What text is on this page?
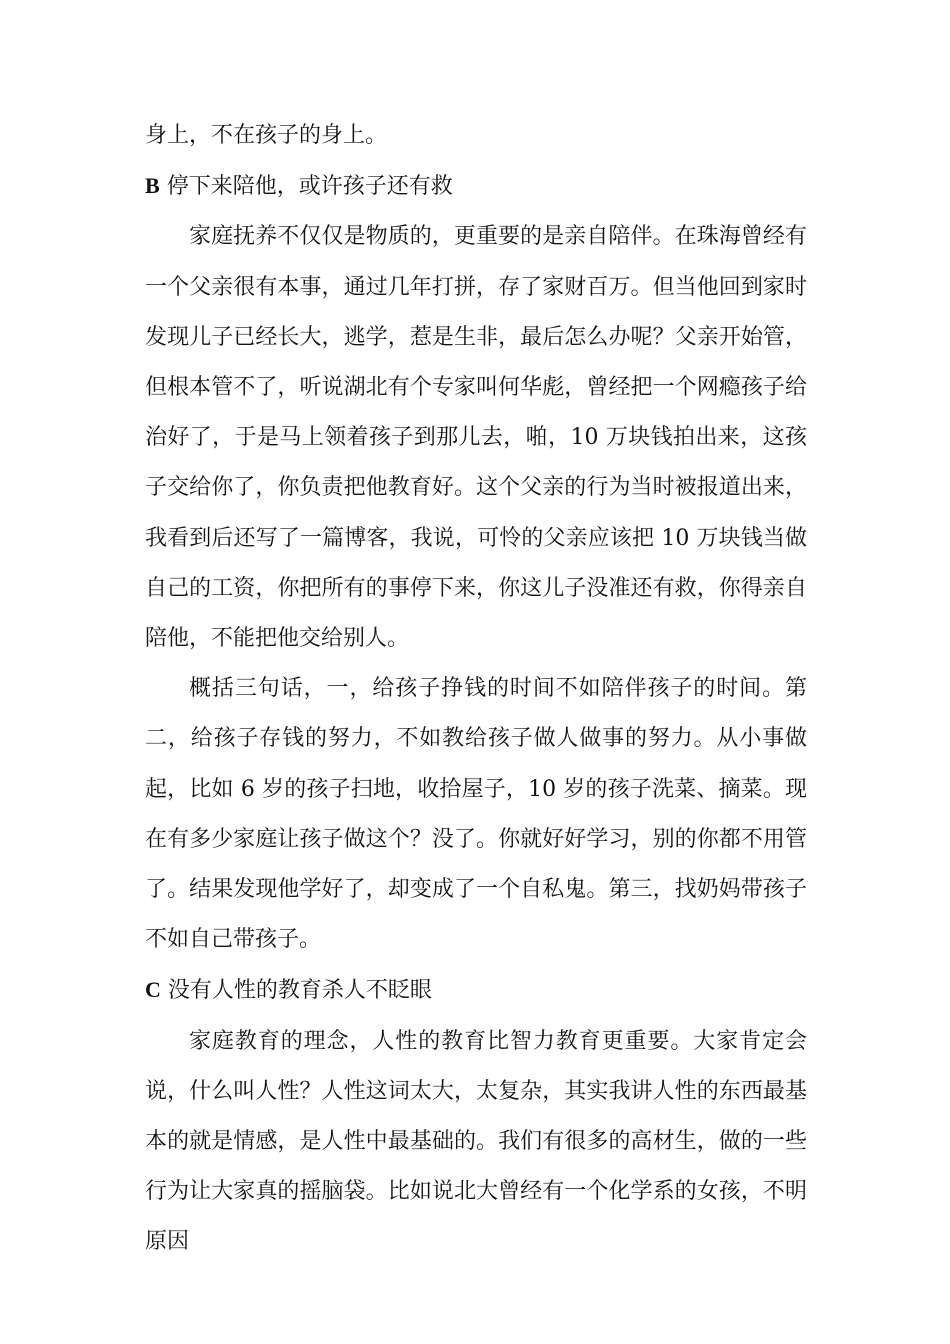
身上，不在孩子的身上。

B 停下来陪他，或许孩子还有救

家庭抚养不仅仅是物质的，更重要的是亲自陪伴。在珠海曾经有一个父亲很有本事，通过几年打拼，存了家财百万。但当他回到家时发现儿子已经长大，逃学，惹是生非，最后怎么办呢？父亲开始管，但根本管不了，听说湖北有个专家叫何华彪，曾经把一个网瘾孩子给治好了，于是马上领着孩子到那儿去，啪，10 万块钱拍出来，这孩子交给你了，你负责把他教育好。这个父亲的行为当时被报道出来，我看到后还写了一篇博客，我说，可怜的父亲应该把 10 万块钱当做自己的工资，你把所有的事停下来，你这儿子没准还有救，你得亲自陪他，不能把他交给别人。

概括三句话，一，给孩子挣钱的时间不如陪伴孩子的时间。第二，给孩子存钱的努力，不如教给孩子做人做事的努力。从小事做起，比如 6 岁的孩子扫地，收拾屋子，10 岁的孩子洗菜、摘菜。现在有多少家庭让孩子做这个？没了。你就好好学习，别的你都不用管了。结果发现他学好了，却变成了一个自私鬼。第三，找奶妈带孩子不如自己带孩子。

C 没有人性的教育杀人不眨眼

家庭教育的理念，人性的教育比智力教育更重要。大家肯定会说，什么叫人性？人性这词太大，太复杂，其实我讲人性的东西最基本的就是情感，是人性中最基础的。我们有很多的高材生，做的一些行为让大家真的摇脑袋。比如说北大曾经有一个化学系的女孩，不明原因
